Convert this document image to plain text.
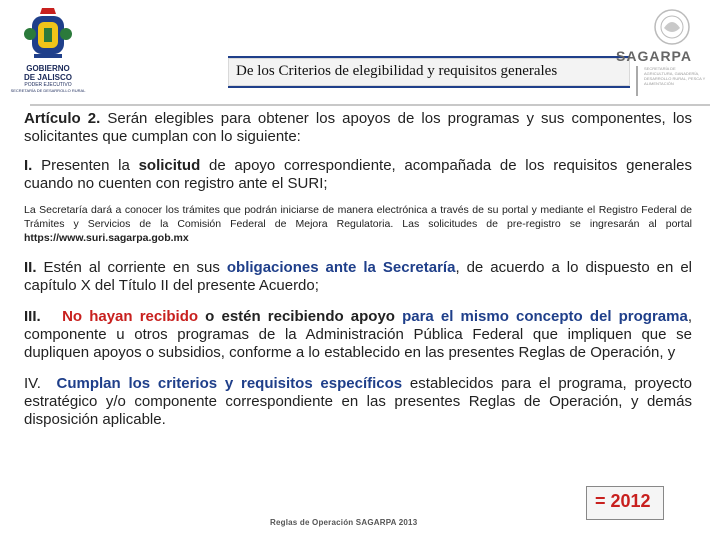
GOBIERNO
DE JALISCO
PODER EJECUTIVO
SECRETARÍA DE DESARROLLO RURAL
De los Criterios de elegibilidad y requisitos generales
SAGARPA
SECRETARÍA DE AGRICULTURA, GANADERÍA, DESARROLLO RURAL, PESCA Y ALIMENTACIÓN

Artículo 2. Serán elegibles para obtener los apoyos de los programas y sus componentes, los solicitantes que cumplan con lo siguiente:

I. Presenten la solicitud de apoyo correspondiente, acompañada de los requisitos generales cuando no cuenten con registro ante el SURI;

La Secretaría dará a conocer los trámites que podrán iniciarse de manera electrónica a través de su portal y mediante el Registro Federal de Trámites y Servicios de la Comisión Federal de Mejora Regulatoria. Las solicitudes de pre-registro se ingresarán al portal https://www.suri.sagarpa.gob.mx

II. Estén al corriente en sus obligaciones ante la Secretaría, de acuerdo a lo dispuesto en el capítulo X del Título II del presente Acuerdo;

III. No hayan recibido o estén recibiendo apoyo para el mismo concepto del programa, componente u otros programas de la Administración Pública Federal que impliquen que se dupliquen apoyos o subsidios, conforme a lo establecido en las presentes Reglas de Operación, y

IV. Cumplan los criterios y requisitos específicos establecidos para el programa, proyecto estratégico y/o componente correspondiente en las presentes Reglas de Operación, y demás disposición aplicable.

= 2012
Reglas de Operación SAGARPA 2013
